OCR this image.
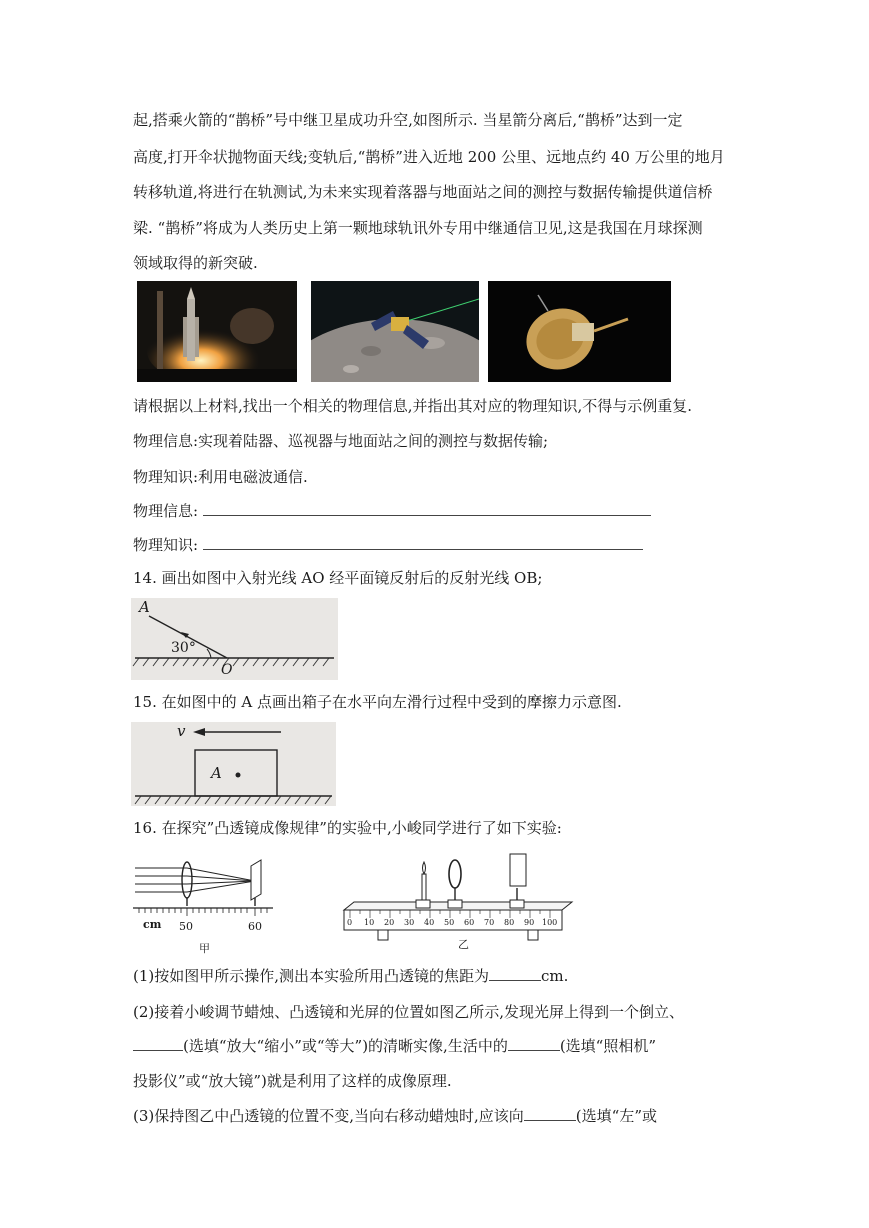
起,搭乘火箭的“鹊桥”号中继卫星成功升空,如图所示. 当星箭分离后,“鹊桥”达到一定
高度,打开伞状抛物面天线;变轨后,“鹊桥”进入近地 200 公里、远地点约 40 万公里的地月
转移轨道,将进行在轨测试,为未来实现着落器与地面站之间的测控与数据传输提供道信桥
梁. “鹊桥”将成为人类历史上第一颗地球轨讯外专用中继通信卫见,这是我国在月球探测
领域取得的新突破.
请根据以上材料,找出一个相关的物理信息,并指出其对应的物理知识,不得与示例重复.
物理信息:实现着陆器、巡视器与地面站之间的测控与数据传输;
物理知识:利用电磁波通信.
物理信息:
物理知识:
14. 画出如图中入射光线 AO 经平面镜反射后的反射光线 OB;
A
30°
O
15. 在如图中的 A 点画出箱子在水平向左滑行过程中受到的摩擦力示意图.
v
A
16. 在探究”凸透镜成像规律”的实验中,小峻同学进行了如下实验:
cm 50	60
甲
0 10 20 30 40 50 60 70 80 90 100
乙
(1)按如图甲所示操作,测出本实验所用凸透镜的焦距为	cm.
(2)接着小峻调节蜡烛、凸透镜和光屏的位置如图乙所示,发现光屏上得到一个倒立、
(选填“放大“缩小”或“等大”)的清晰实像,生活中的	(选填“照相机”
投影仪”或“放大镜”)就是利用了这样的成像原理.
(3)保持图乙中凸透镜的位置不变,当向右移动蜡烛时,应该向	(选填“左”或
